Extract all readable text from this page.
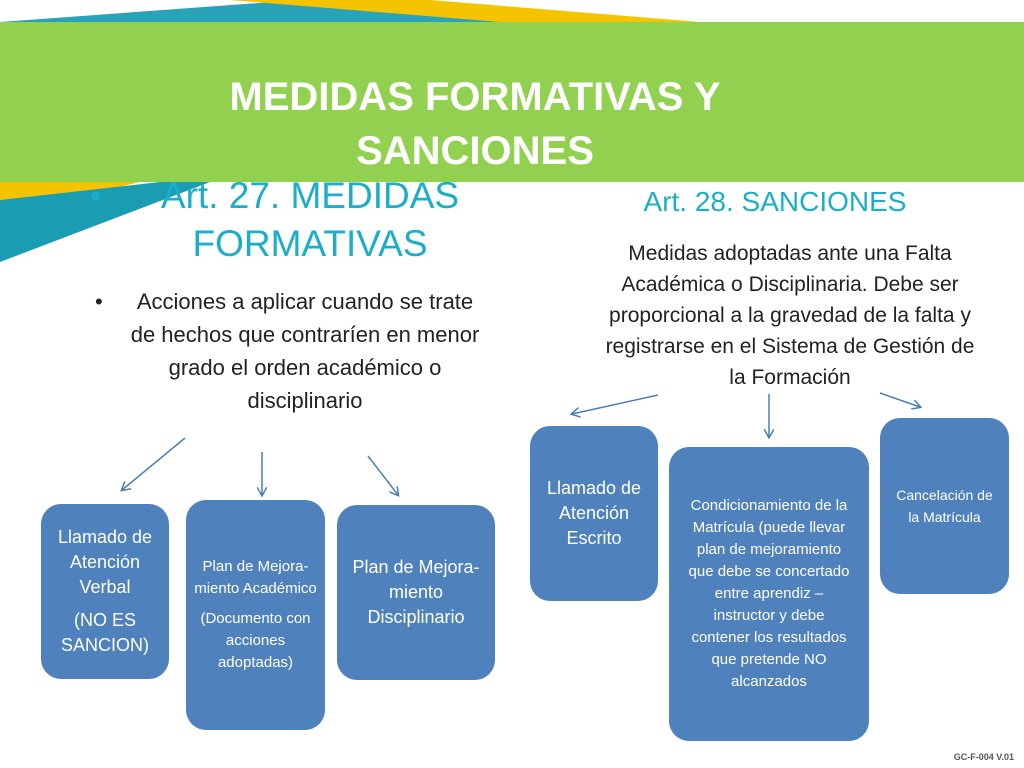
MEDIDAS FORMATIVAS Y SANCIONES
•	Art. 27. MEDIDAS FORMATIVAS
•	Acciones a aplicar cuando se trate de hechos que contraríen en menor grado el orden académico o disciplinario
Art. 28. SANCIONES
Medidas adoptadas ante una Falta Académica o Disciplinaria. Debe ser proporcional a la gravedad de la falta y registrarse en el Sistema de Gestión de la Formación

Llamado de Atención Verbal

(NO ES SANCION)

Plan de Mejora-miento Académico

(Documento con acciones adoptadas)

Plan de Mejora-miento Disciplinario

Llamado de Atención Escrito

Condicionamiento de la Matrícula (puede llevar plan de mejoramiento que debe se concertado entre aprendiz – instructor y debe contener los resultados que pretende NO alcanzados

Cancelación de la Matrícula

GC-F-004 V.01
